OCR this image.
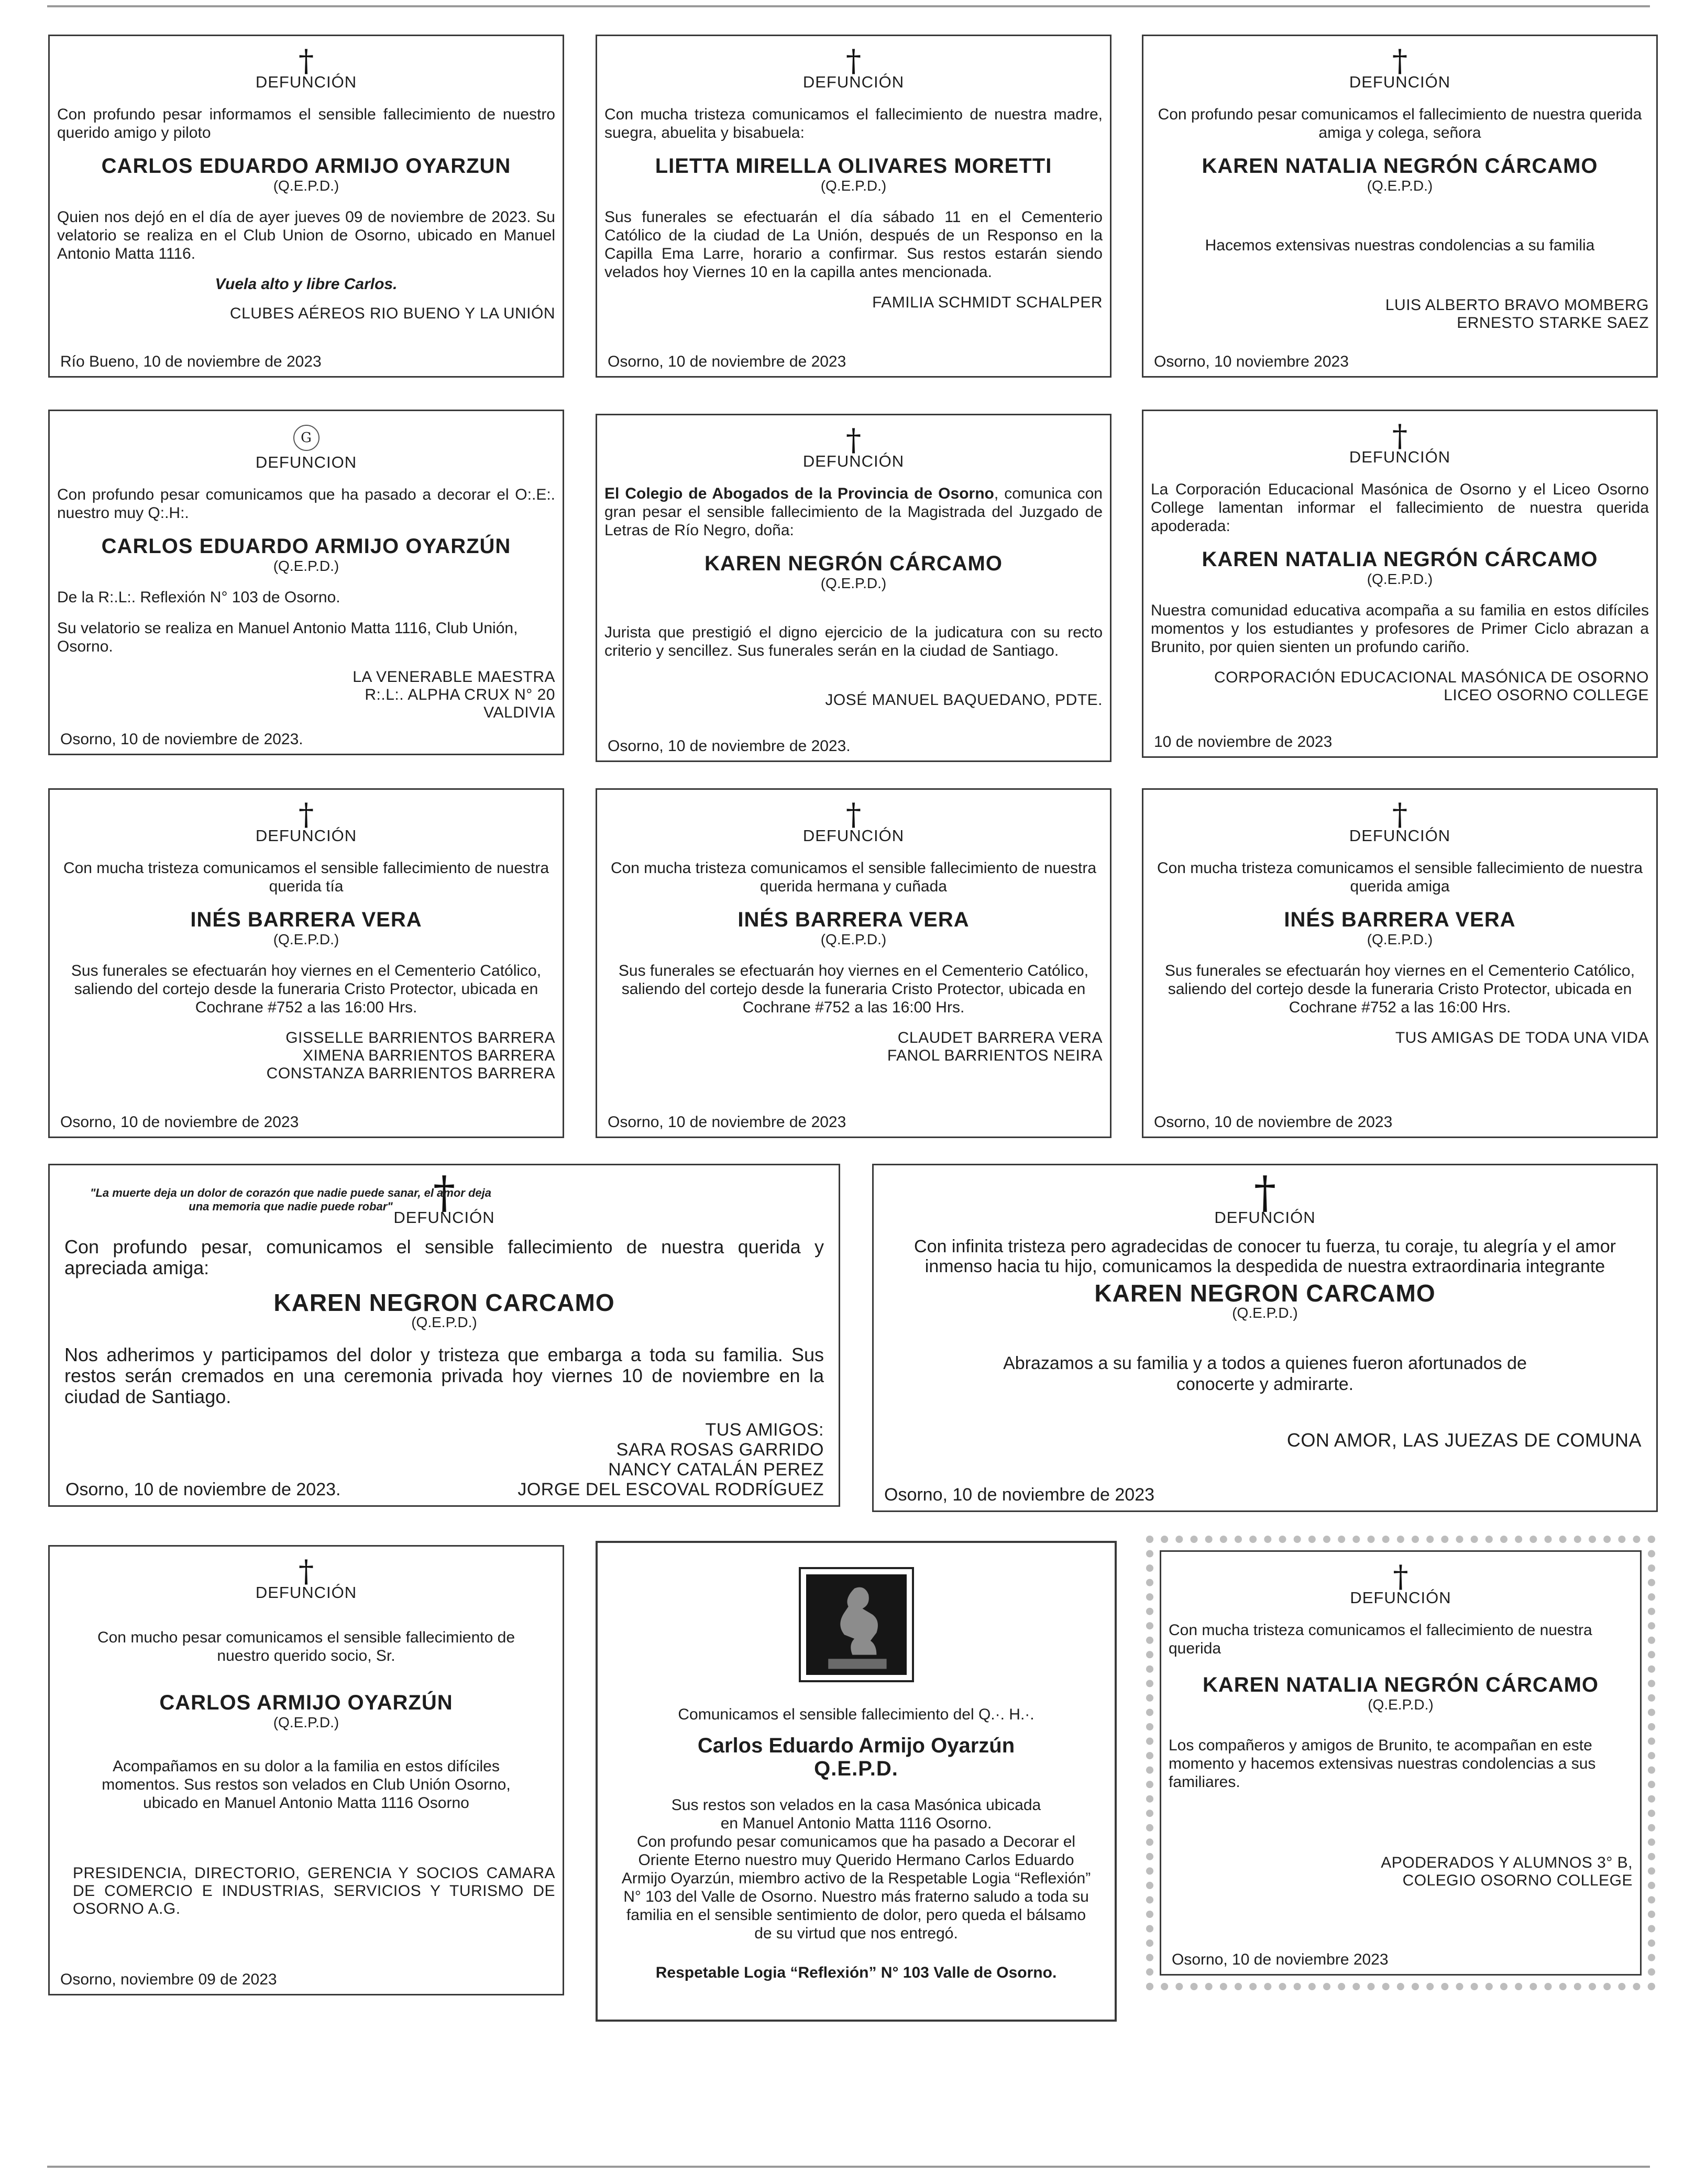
†
DEFUNCIÓN
Con profundo pesar informamos el sensible fallecimiento de nuestro querido amigo y piloto
CARLOS EDUARDO ARMIJO OYARZUN
(Q.E.P.D.)
Quien nos dejó en el día de ayer jueves 09 de noviembre de 2023. Su velatorio se realiza en el Club Union de Osorno, ubicado en Manuel Antonio Matta 1116.
Vuela alto y libre Carlos.
CLUBES AÉREOS RIO BUENO Y LA UNIÓN
Río Bueno, 10 de noviembre de 2023
†
DEFUNCIÓN
Con mucha tristeza comunicamos el fallecimiento de nuestra madre, suegra, abuelita y bisabuela:
LIETTA MIRELLA OLIVARES MORETTI
(Q.E.P.D.)
Sus funerales se efectuarán el día sábado 11 en el Cementerio Católico de la ciudad de La Unión, después de un Responso en la Capilla Ema Larre, horario a confirmar. Sus restos estarán siendo velados hoy Viernes 10 en la capilla antes mencionada.
FAMILIA SCHMIDT SCHALPER
Osorno, 10 de noviembre de 2023
†
DEFUNCIÓN
Con profundo pesar comunicamos el fallecimiento de nuestra querida amiga y colega, señora
KAREN NATALIA NEGRÓN CÁRCAMO
(Q.E.P.D.)
Hacemos extensivas nuestras condolencias a su familia
LUIS ALBERTO BRAVO MOMBERG
ERNESTO STARKE SAEZ
Osorno, 10 noviembre 2023
G
DEFUNCION
Con profundo pesar comunicamos que ha pasado a decorar el O:.E:. nuestro muy Q:.H:.
CARLOS EDUARDO ARMIJO OYARZÚN
(Q.E.P.D.)
De la R:.L:. Reflexión N° 103 de Osorno.
Su velatorio se realiza en Manuel Antonio Matta 1116, Club Unión, Osorno.
LA VENERABLE MAESTRA
R:.L:. ALPHA CRUX N° 20
VALDIVIA
Osorno, 10 de noviembre de 2023.
†
DEFUNCIÓN
El Colegio de Abogados de la Provincia de Osorno, comunica con gran pesar el sensible fallecimiento de la Magistrada del Juzgado de Letras de Río Negro, doña:
KAREN NEGRÓN CÁRCAMO
(Q.E.P.D.)
Jurista que prestigió el digno ejercicio de la judicatura con su recto criterio y sencillez. Sus funerales serán en la ciudad de Santiago.
JOSÉ MANUEL BAQUEDANO, PDTE.
Osorno, 10 de noviembre de 2023.
†
DEFUNCIÓN
La Corporación Educacional Masónica de Osorno y el Liceo Osorno College lamentan informar el fallecimiento de nuestra querida apoderada:
KAREN NATALIA NEGRÓN CÁRCAMO
(Q.E.P.D.)
Nuestra comunidad educativa acompaña a su familia en estos difíciles momentos y los estudiantes y profesores de Primer Ciclo abrazan a Brunito, por quien sienten un profundo cariño.
CORPORACIÓN EDUCACIONAL MASÓNICA DE OSORNO
LICEO OSORNO COLLEGE
10 de noviembre de 2023
†
DEFUNCIÓN
Con mucha tristeza comunicamos el sensible fallecimiento de nuestra querida tía
INÉS BARRERA VERA
(Q.E.P.D.)
Sus funerales se efectuarán hoy viernes en el Cementerio Católico, saliendo del cortejo desde la funeraria Cristo Protector, ubicada en Cochrane #752 a las 16:00 Hrs.
GISSELLE BARRIENTOS BARRERA
XIMENA BARRIENTOS BARRERA
CONSTANZA BARRIENTOS BARRERA
Osorno, 10 de noviembre de 2023
†
DEFUNCIÓN
Con mucha tristeza comunicamos el sensible fallecimiento de nuestra querida hermana y cuñada
INÉS BARRERA VERA
(Q.E.P.D.)
Sus funerales se efectuarán hoy viernes en el Cementerio Católico, saliendo del cortejo desde la funeraria Cristo Protector, ubicada en Cochrane #752 a las 16:00 Hrs.
CLAUDET BARRERA VERA
FANOL BARRIENTOS NEIRA
Osorno, 10 de noviembre de 2023
†
DEFUNCIÓN
Con mucha tristeza comunicamos el sensible fallecimiento de nuestra querida amiga
INÉS BARRERA VERA
(Q.E.P.D.)
Sus funerales se efectuarán hoy viernes en el Cementerio Católico, saliendo del cortejo desde la funeraria Cristo Protector, ubicada en Cochrane #752 a las 16:00 Hrs.
TUS AMIGAS DE TODA UNA VIDA
Osorno, 10 de noviembre de 2023
"La muerte deja un dolor de corazón que nadie puede sanar, el amor deja una memoria que nadie puede robar" †
DEFUNCIÓN
Con profundo pesar, comunicamos el sensible fallecimiento de nuestra querida y apreciada amiga:
KAREN NEGRON CARCAMO
(Q.E.P.D.)
Nos adherimos y participamos del dolor y tristeza que embarga a toda su familia. Sus restos serán cremados en una ceremonia privada hoy viernes 10 de noviembre en la ciudad de Santiago.
TUS AMIGOS:
SARA ROSAS GARRIDO
NANCY CATALÁN PEREZ
JORGE DEL ESCOVAL RODRÍGUEZ
Osorno, 10 de noviembre de 2023.
†
DEFUNCIÓN
Con infinita tristeza pero agradecidas de conocer tu fuerza, tu coraje, tu alegría y el amor inmenso hacia tu hijo, comunicamos la despedida de nuestra extraordinaria integrante
KAREN NEGRON CARCAMO
(Q.E.P.D.)
Abrazamos a su familia y a todos a quienes fueron afortunados de conocerte y admirarte.
CON AMOR, LAS JUEZAS DE COMUNA
Osorno, 10 de noviembre de 2023
†
DEFUNCIÓN
Con mucho pesar comunicamos el sensible fallecimiento de nuestro querido socio, Sr.
CARLOS ARMIJO OYARZÚN
(Q.E.P.D.)
Acompañamos en su dolor a la familia en estos difíciles momentos. Sus restos son velados en Club Unión Osorno, ubicado en Manuel Antonio Matta 1116 Osorno
PRESIDENCIA, DIRECTORIO, GERENCIA Y SOCIOS CAMARA DE COMERCIO E INDUSTRIAS, SERVICIOS Y TURISMO DE OSORNO A.G.
Osorno, noviembre 09 de 2023
Comunicamos el sensible fallecimiento del Q.·. H.·.
Carlos Eduardo Armijo Oyarzún
Q.E.P.D.
Sus restos son velados en la casa Masónica ubicada en Manuel Antonio Matta 1116 Osorno.
Con profundo pesar comunicamos que ha pasado a Decorar el Oriente Eterno nuestro muy Querido Hermano Carlos Eduardo Armijo Oyarzún, miembro activo de la Respetable Logia “Reflexión” N° 103 del Valle de Osorno. Nuestro más fraterno saludo a toda su familia en el sensible sentimiento de dolor, pero queda el bálsamo de su virtud que nos entregó.
Respetable Logia “Reflexión” N° 103 Valle de Osorno.
†
DEFUNCIÓN
Con mucha tristeza comunicamos el fallecimiento de nuestra querida
KAREN NATALIA NEGRÓN CÁRCAMO
(Q.E.P.D.)
Los compañeros y amigos de Brunito, te acompañan en este momento y hacemos extensivas nuestras condolencias a sus familiares.
APODERADOS Y ALUMNOS 3° B,
COLEGIO OSORNO COLLEGE
Osorno, 10 de noviembre 2023
